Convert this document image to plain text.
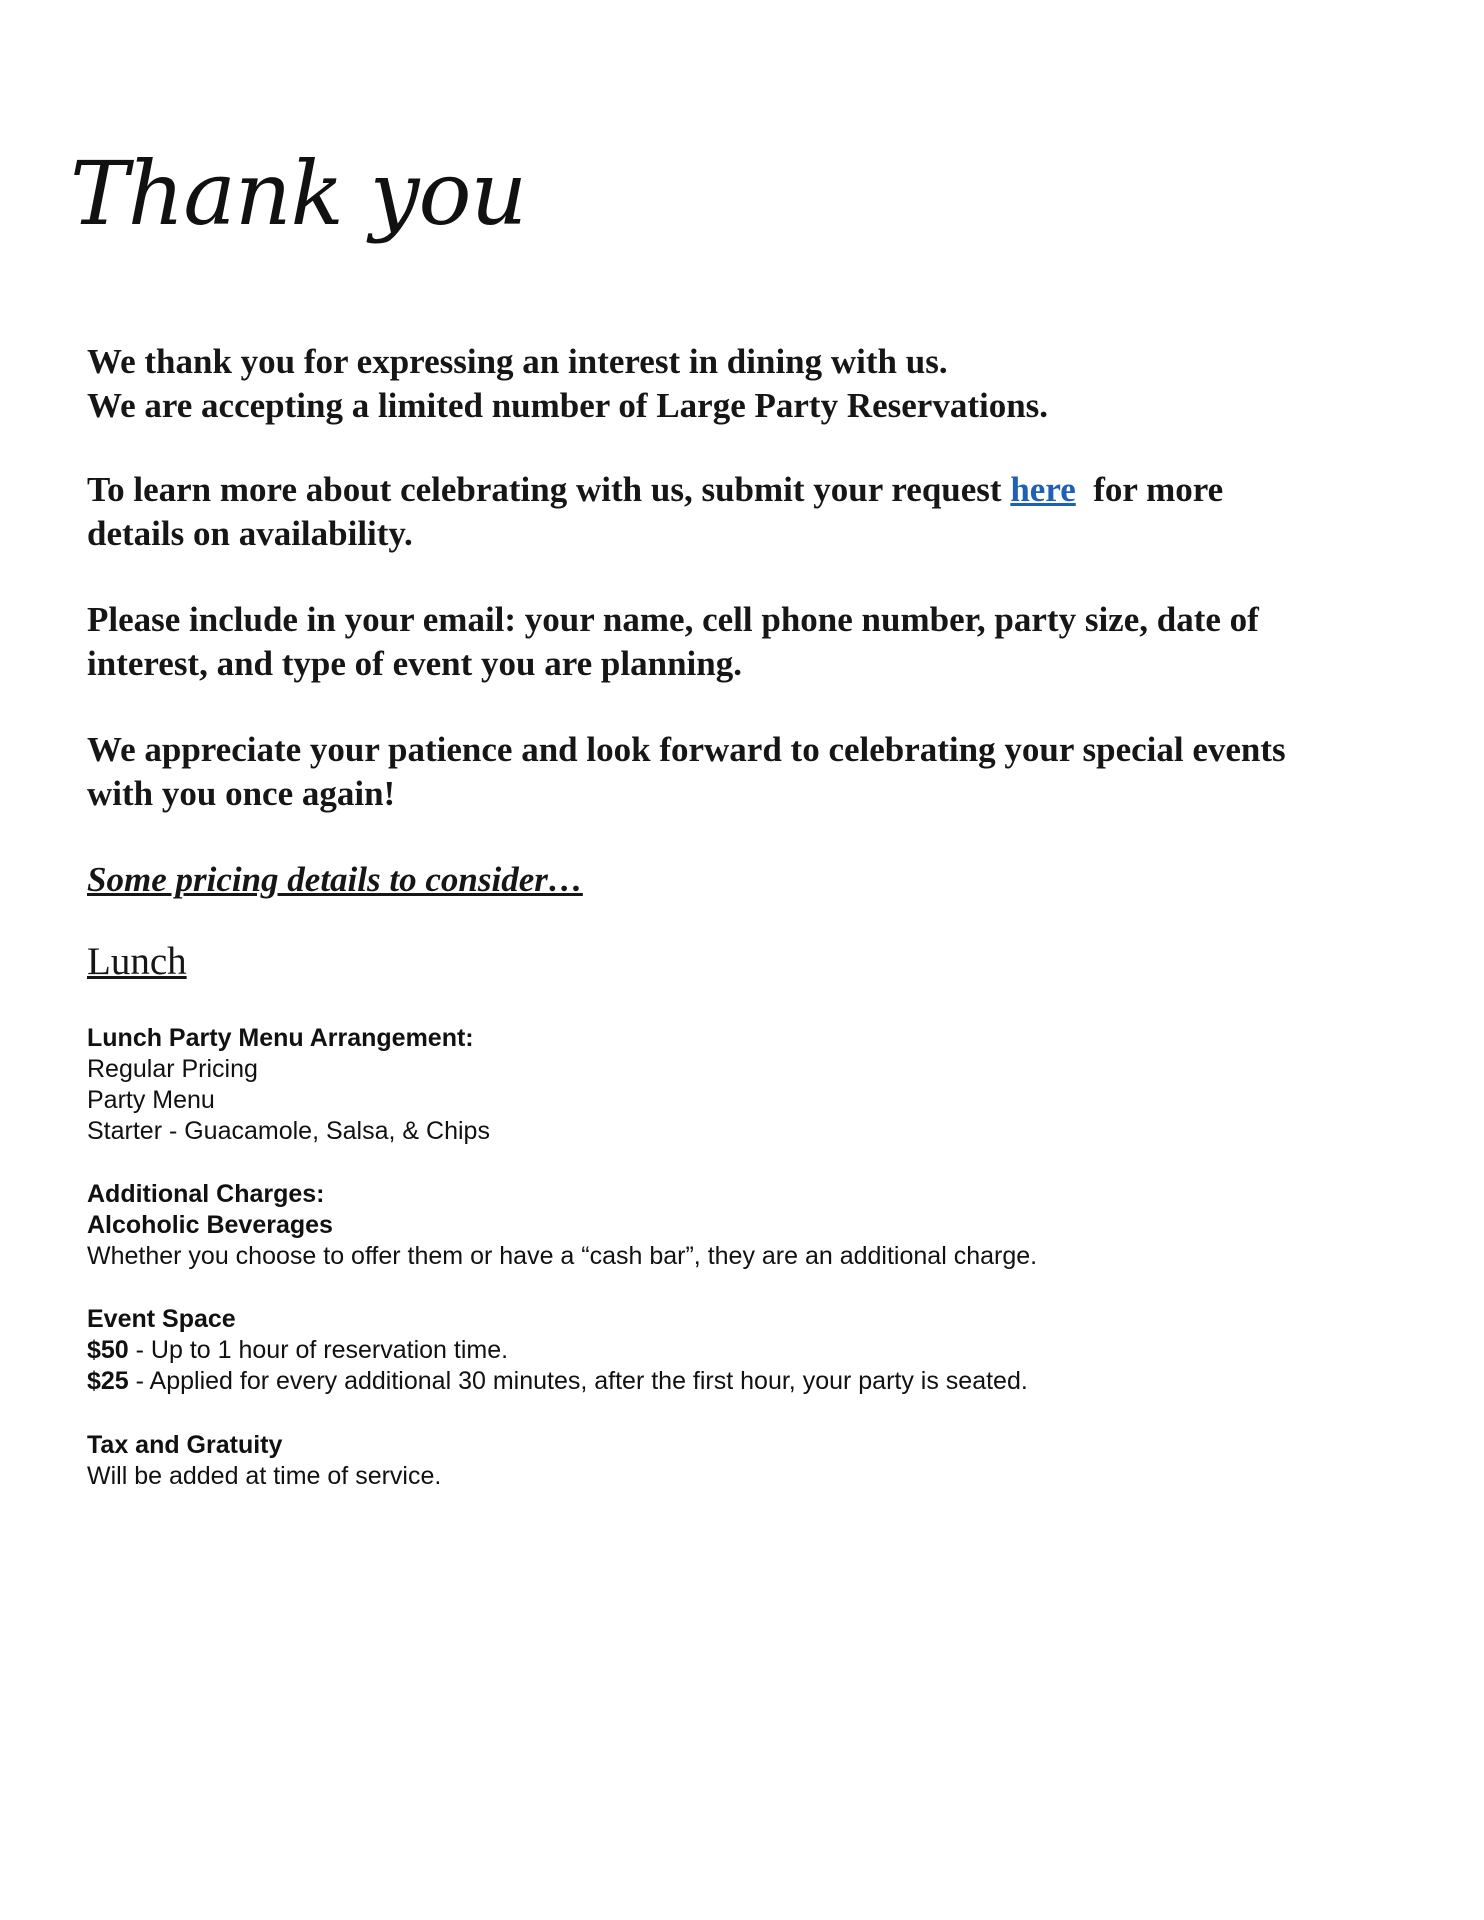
Thank you

We thank you for expressing an interest in dining with us.

We are accepting a limited number of Large Party Reservations.

To learn more about celebrating with us, submit your request here  for more details on availability.

Please include in your email: your name, cell phone number, party size, date of interest, and type of event you are planning.

We appreciate your patience and look forward to celebrating your special events with you once again!

Some pricing details to consider…
Lunch
Lunch Party Menu Arrangement:
Regular Pricing
Party Menu
Starter - Guacamole, Salsa, & Chips
Additional Charges:
Alcoholic Beverages
Whether you choose to offer them or have a “cash bar”, they are an additional charge.
Event Space
$50 - Up to 1 hour of reservation time.
$25 - Applied for every additional 30 minutes, after the first hour, your party is seated.
Tax and Gratuity
Will be added at time of service.
